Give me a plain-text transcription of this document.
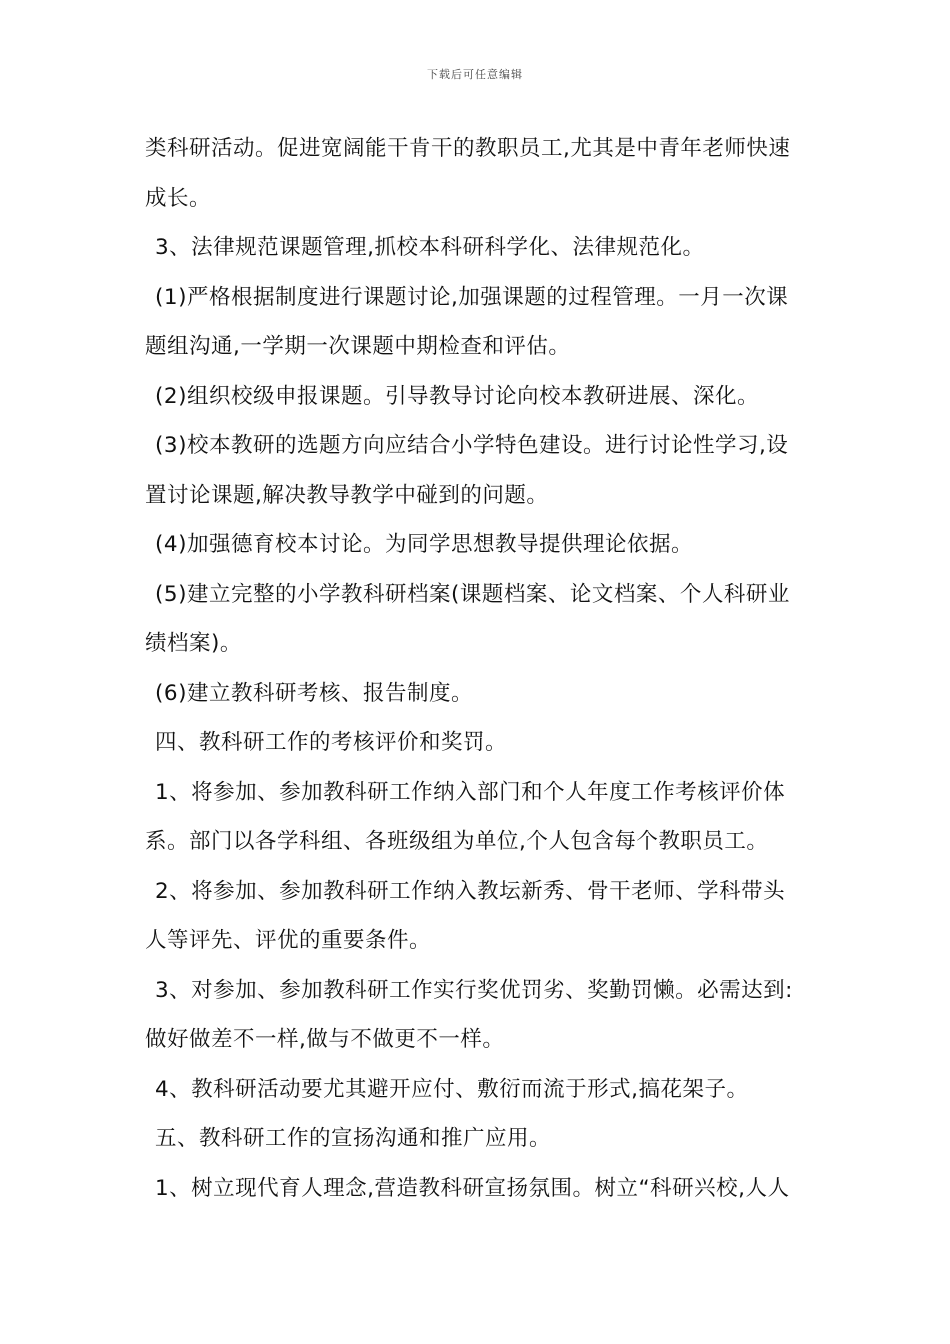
下载后可任意编辑
类科研活动。促进宽阔能干肯干的教职员工,尤其是中青年老师快速
成长。
3、法律规范课题管理,抓校本科研科学化、法律规范化。
(1)严格根据制度进行课题讨论,加强课题的过程管理。一月一次课
题组沟通,一学期一次课题中期检查和评估。
(2)组织校级申报课题。引导教导讨论向校本教研进展、深化。
(3)校本教研的选题方向应结合小学特色建设。进行讨论性学习,设
置讨论课题,解决教导教学中碰到的问题。
(4)加强德育校本讨论。为同学思想教导提供理论依据。
(5)建立完整的小学教科研档案(课题档案、论文档案、个人科研业
绩档案)。
(6)建立教科研考核、报告制度。
四、教科研工作的考核评价和奖罚。
1、将参加、参加教科研工作纳入部门和个人年度工作考核评价体
系。部门以各学科组、各班级组为单位,个人包含每个教职员工。
2、将参加、参加教科研工作纳入教坛新秀、骨干老师、学科带头
人等评先、评优的重要条件。
3、对参加、参加教科研工作实行奖优罚劣、奖勤罚懒。必需达到:
做好做差不一样,做与不做更不一样。
4、教科研活动要尤其避开应付、敷衍而流于形式,搞花架子。
五、教科研工作的宣扬沟通和推广应用。
1、树立现代育人理念,营造教科研宣扬氛围。树立“科研兴校,人人
